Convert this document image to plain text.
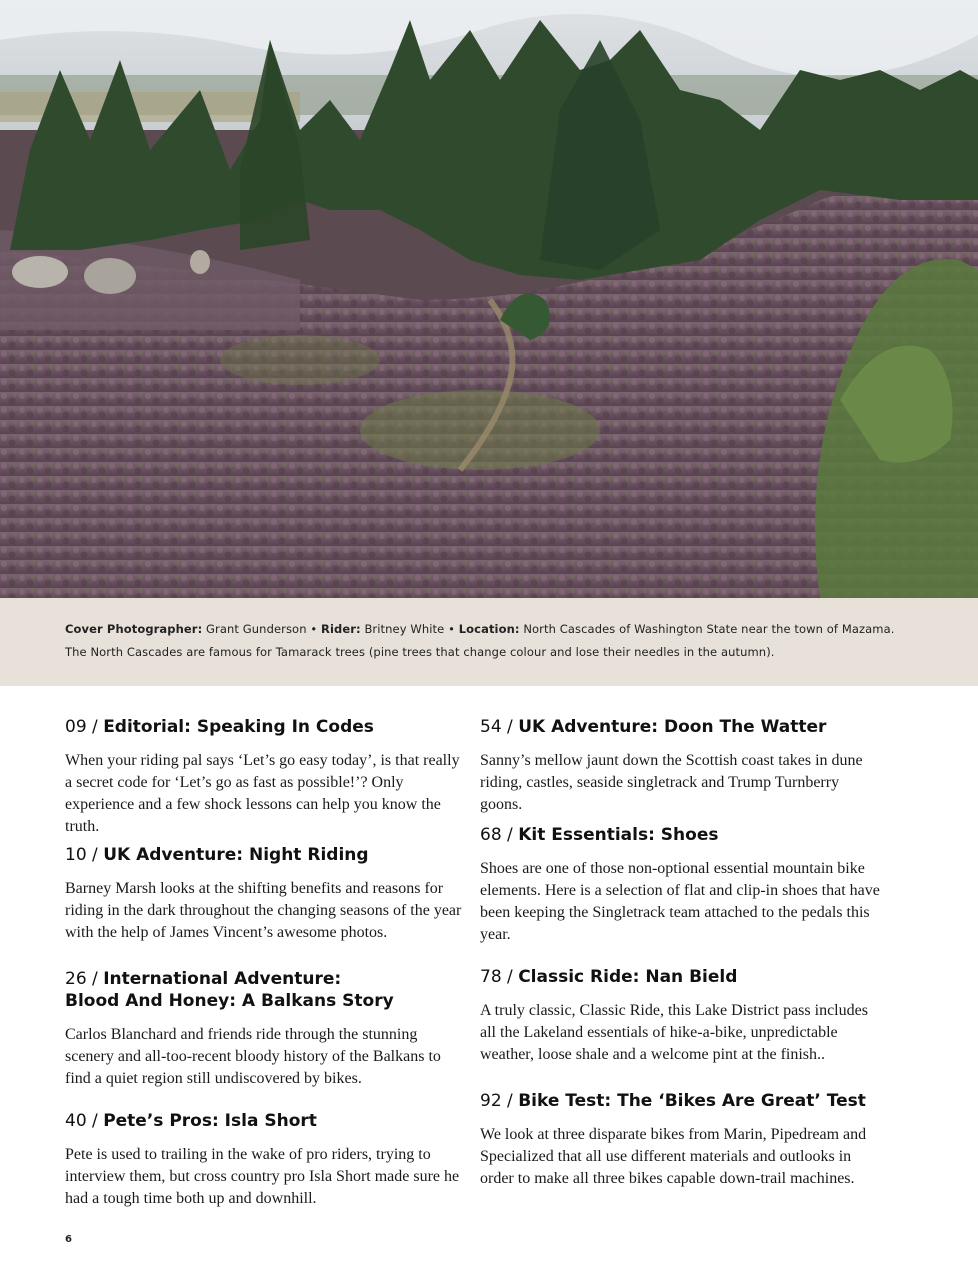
Cover Photographer: Grant Gunderson • Rider: Britney White • Location: North Cascades of Washington State near the town of Mazama.
The North Cascades are famous for Tamarack trees (pine trees that change colour and lose their needles in the autumn).
09 / Editorial: Speaking In Codes

When your riding pal says ‘Let’s go easy today’, is that really a secret code for ‘Let’s go as fast as possible!’? Only experience and a few shock lessons can help you know the truth.

10 / UK Adventure: Night Riding

Barney Marsh looks at the shifting benefits and reasons for riding in the dark throughout the changing seasons of the year with the help of James Vincent’s awesome photos.

26 / International Adventure:
Blood And Honey: A Balkans Story

Carlos Blanchard and friends ride through the stunning scenery and all-too-recent bloody history of the Balkans to find a quiet region still undiscovered by bikes.

40 / Pete’s Pros: Isla Short

Pete is used to trailing in the wake of pro riders, trying to interview them, but cross country pro Isla Short made sure he had a tough time both up and downhill.

54 / UK Adventure: Doon The Watter

Sanny’s mellow jaunt down the Scottish coast takes in dune riding, castles, seaside singletrack and Trump Turnberry goons.

68 / Kit Essentials: Shoes

Shoes are one of those non-optional essential mountain bike elements. Here is a selection of flat and clip-in shoes that have been keeping the Singletrack team attached to the pedals this year.

78 / Classic Ride: Nan Bield

A truly classic, Classic Ride, this Lake District pass includes all the Lakeland essentials of hike-a-bike, unpredictable weather, loose shale and a welcome pint at the finish..

92 / Bike Test: The ‘Bikes Are Great’ Test

We look at three disparate bikes from Marin, Pipedream and Specialized that all use different materials and outlooks in order to make all three bikes capable down-trail machines.

6
